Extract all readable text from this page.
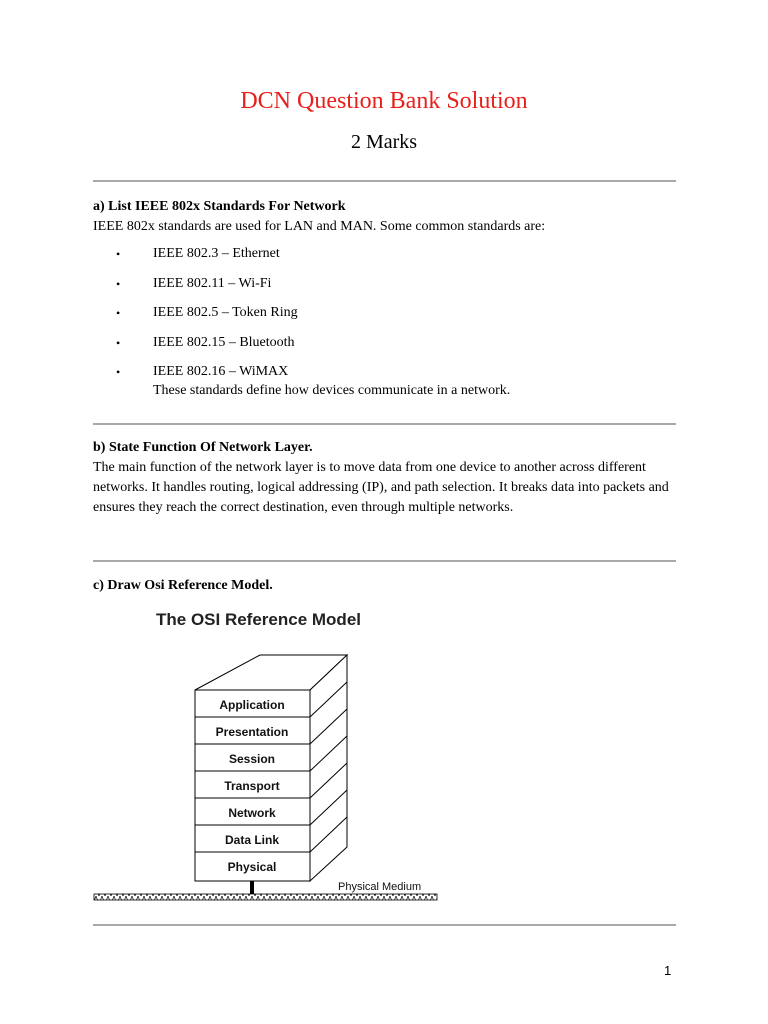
DCN Question Bank Solution
2 Marks
a) List IEEE 802x Standards For Network

IEEE 802x standards are used for LAN and MAN. Some common standards are:

• IEEE 802.3 – Ethernet
• IEEE 802.11 – Wi-Fi
• IEEE 802.5 – Token Ring
• IEEE 802.15 – Bluetooth
• IEEE 802.16 – WiMAX
These standards define how devices communicate in a network.
b) State Function Of Network Layer.

The main function of the network layer is to move data from one device to another across different networks. It handles routing, logical addressing (IP), and path selection. It breaks data into packets and ensures they reach the correct destination, even through multiple networks.

c) Draw Osi Reference Model.
The OSI Reference Model
Application
Presentation
Session
Transport
Network
Data Link
Physical
Physical Medium
1
